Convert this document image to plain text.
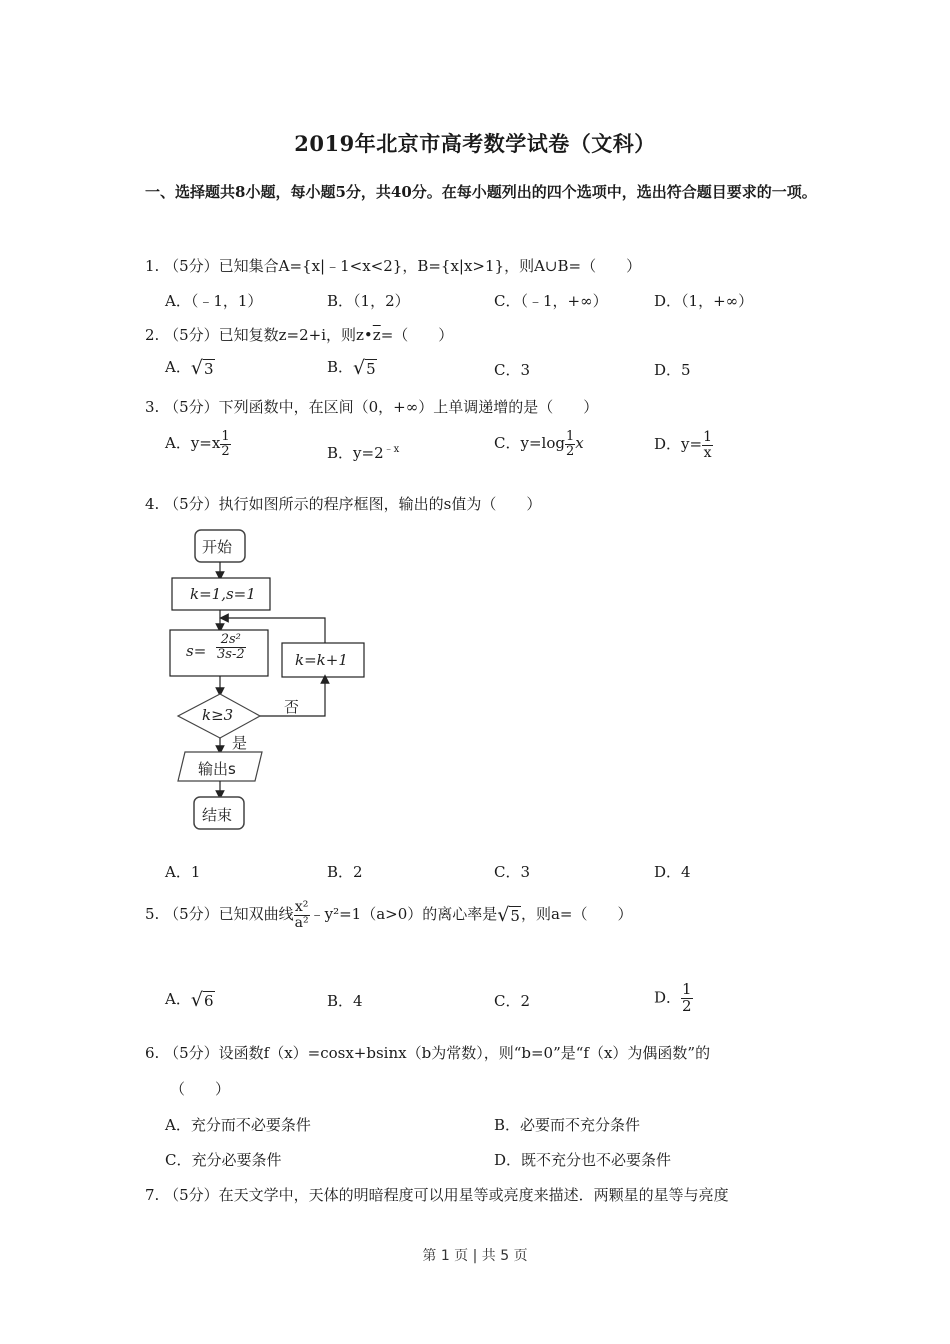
2019年北京市高考数学试卷（文科）
一、选择题共8小题，每小题5分，共40分。在每小题列出的四个选项中，选出符合题目要求的一项。
1. （5分）已知集合A={x|﹣1<x<2}，B={x|x>1}，则A∪B=（　　）
A．（﹣1，1）	B．（1，2）	C．（﹣1，+∞）	D．（1，+∞）
2. （5分）已知复数z=2+i，则$z•\overline{z}=$（　　）
A．√3	B．√5	C．3	D．5
3. （5分）下列函数中，在区间（0，+∞）上单调递增的是（　　）
A．$y=x \frac{1}{2}$	B．$y=2^{﹣x}$	C．$y=\log \frac{1}{2}$ x	D．$y= \frac{1}{x}$
4. （5分）执行如图所示的程序框图，输出的s值为（　　）
开始
k=1,s=1
$s= \frac{\text{2s²}}{3s-2}$	k=k+1
k≥3	否
是
输出s
结束
A．1	B．2	C．3	D．4
5. （5分）已知双曲线 $\frac{\text{x²}}{\text{a²}}$ ﹣y²=1（a>0）的离心率是√5，则a=（　　）
A．√6	B．4	C．2	D． $\frac{1}{2}$
6. （5分）设函数f（x）=cosx+bsinx（b为常数），则“b=0”是“f（x）为偶函数”的
（　　）
A．充分而不必要条件	B．必要而不充分条件
C．充分必要条件	D．既不充分也不必要条件
7. （5分）在天文学中，天体的明暗程度可以用星等或亮度来描述．两颗星的星等与亮度
第 1 页 | 共 5 页
